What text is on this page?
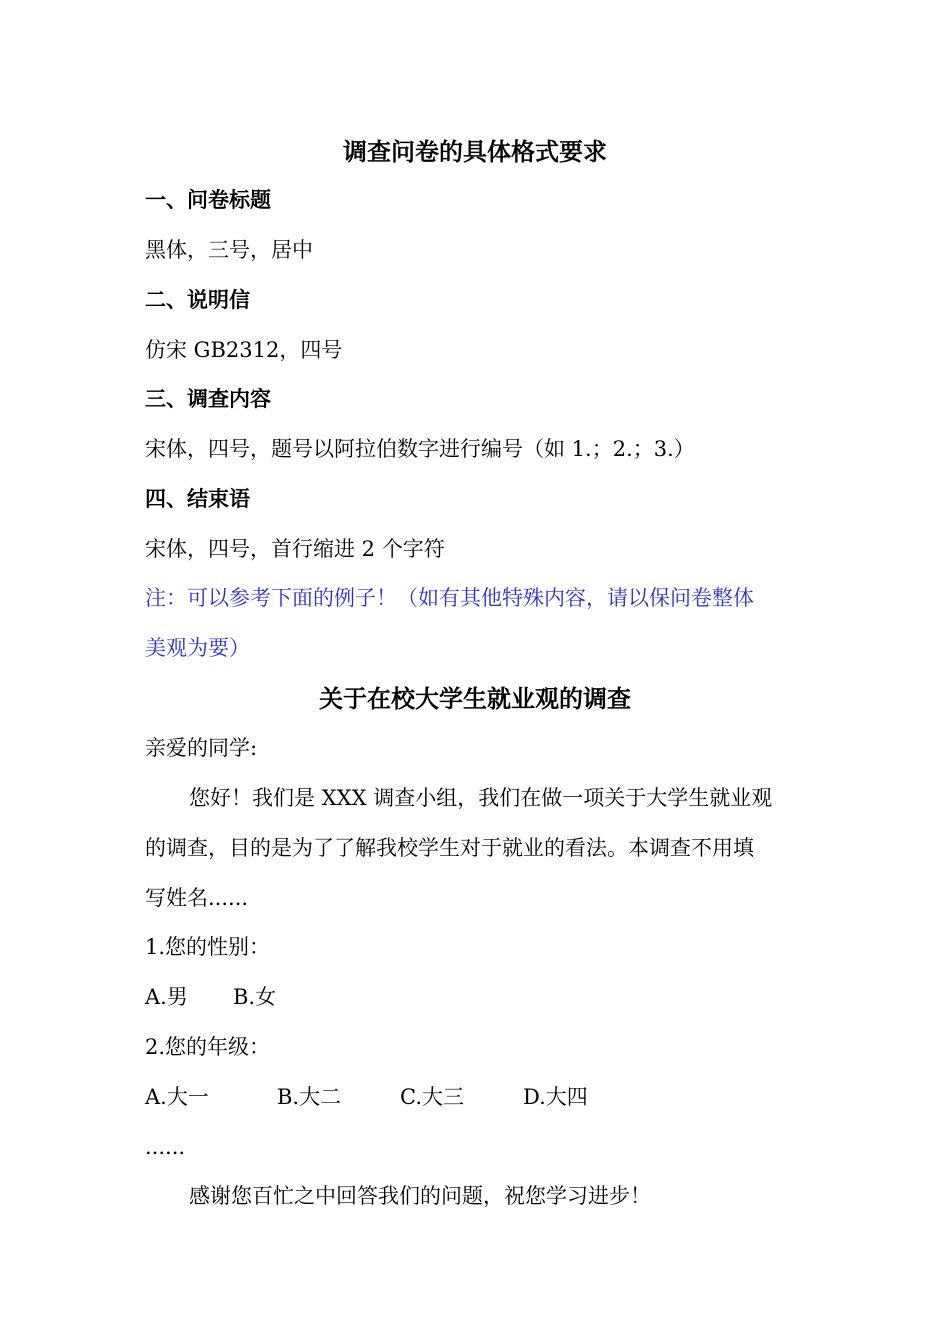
调查问卷的具体格式要求
一、问卷标题
黑体，三号，居中
二、说明信
仿宋 GB2312，四号
三、调查内容
宋体，四号，题号以阿拉伯数字进行编号（如 1.；2.；3.）
四、结束语
宋体，四号，首行缩进 2 个字符
注：可以参考下面的例子！（如有其他特殊内容，请以保问卷整体
美观为要）
关于在校大学生就业观的调查
亲爱的同学:
您好！我们是 XXX 调查小组，我们在做一项关于大学生就业观
的调查，目的是为了了解我校学生对于就业的看法。本调查不用填
写姓名......
1.您的性别：
A.男	B.女
2.您的年级：
A.大一	B.大二	C.大三	D.大四
......
感谢您百忙之中回答我们的问题，祝您学习进步！
